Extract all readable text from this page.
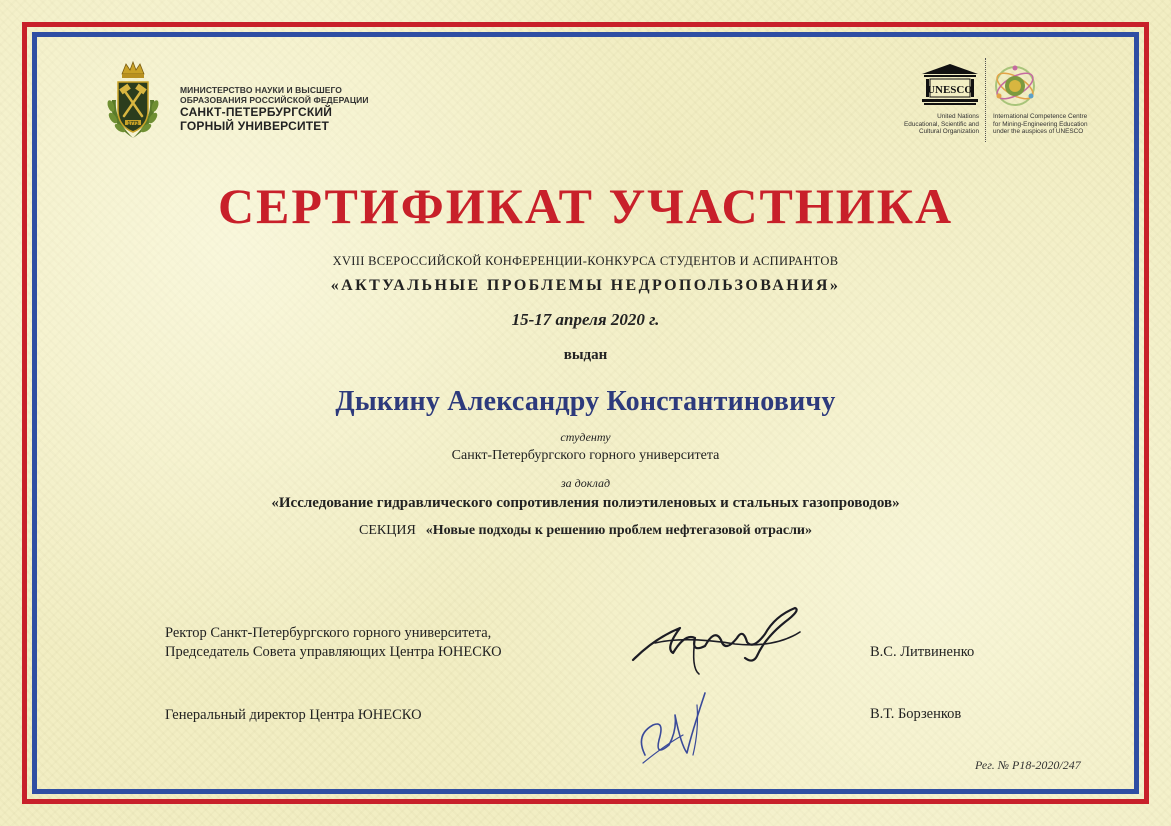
1773
МИНИСТЕРСТВО НАУКИ И ВЫСШЕГО
ОБРАЗОВАНИЯ РОССИЙСКОЙ ФЕДЕРАЦИИ
САНКТ-ПЕТЕРБУРГСКИЙ
ГОРНЫЙ УНИВЕРСИТЕТ
UNESCO
United Nations
Educational, Scientific and
Cultural Organization
International Competence Centre
for Mining-Engineering Education
under the auspices of UNESCO
СЕРТИФИКАТ УЧАСТНИКА
XVIII ВСЕРОССИЙСКОЙ КОНФЕРЕНЦИИ-КОНКУРСА СТУДЕНТОВ И АСПИРАНТОВ
«АКТУАЛЬНЫЕ ПРОБЛЕМЫ НЕДРОПОЛЬЗОВАНИЯ»
15-17 апреля 2020 г.
выдан
Дыкину Александру Константиновичу
студенту
Санкт-Петербургского горного университета
за доклад
«Исследование гидравлического сопротивления полиэтиленовых и стальных газопроводов»
СЕКЦИЯ «Новые подходы к решению проблем нефтегазовой отрасли»
Ректор Санкт-Петербургского горного университета,
Председатель Совета управляющих Центра ЮНЕСКО	В.С. Литвиненко
Генеральный директор Центра ЮНЕСКО	В.Т. Борзенков
Рег. № Р18-2020/247
